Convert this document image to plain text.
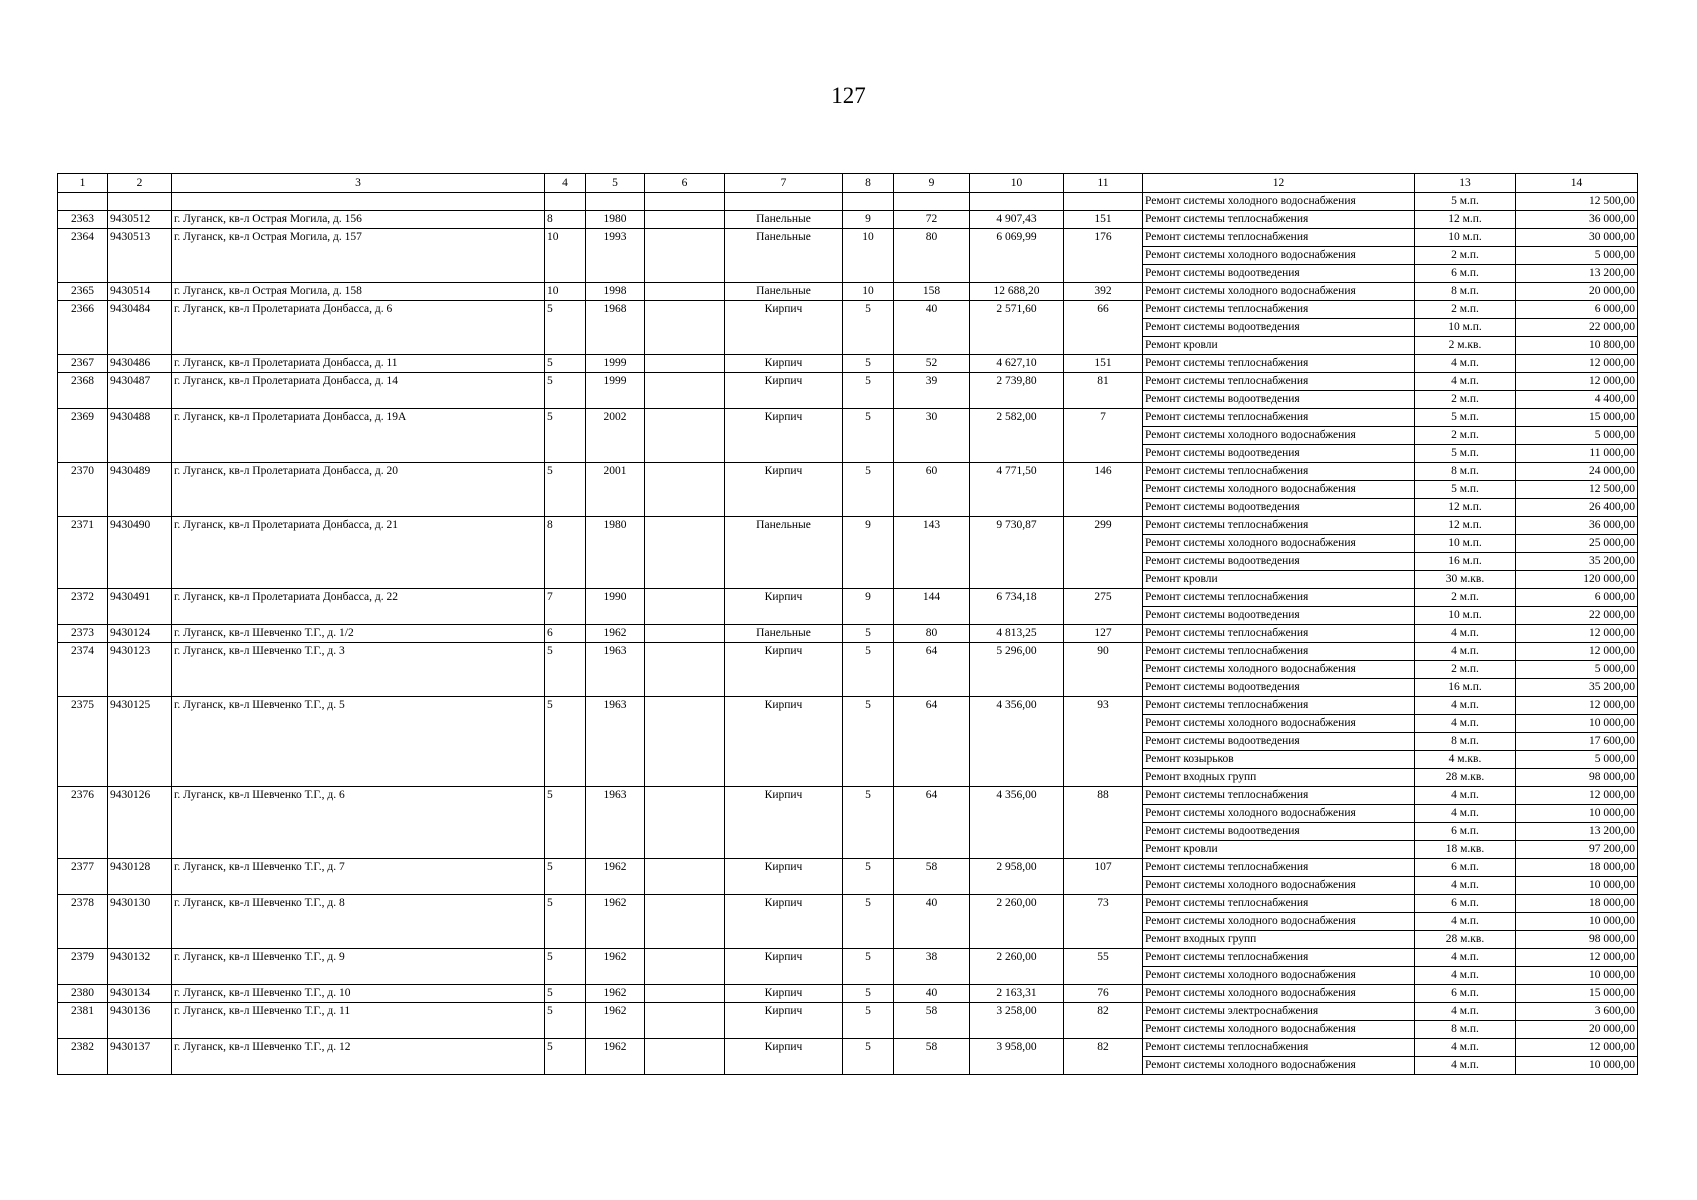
127
1	2	3	4	5	6	7	8	9	10	11	12	13	14
											Ремонт системы холодного водоснабжения	5 м.п.	12 500,00
2363	9430512	г. Луганск, кв-л Острая Могила, д. 156	8	1980		Панельные	9	72	4 907,43	151	Ремонт системы теплоснабжения	12 м.п.	36 000,00
2364	9430513	г. Луганск, кв-л Острая Могила, д. 157	10	1993		Панельные	10	80	6 069,99	176	Ремонт системы теплоснабжения	10 м.п.	30 000,00
											Ремонт системы холодного водоснабжения	2 м.п.	5 000,00
											Ремонт системы водоотведения	6 м.п.	13 200,00
2365	9430514	г. Луганск, кв-л Острая Могила, д. 158	10	1998		Панельные	10	158	12 688,20	392	Ремонт системы холодного водоснабжения	8 м.п.	20 000,00
2366	9430484	г. Луганск, кв-л Пролетариата Донбасса, д. 6	5	1968		Кирпич	5	40	2 571,60	66	Ремонт системы теплоснабжения	2 м.п.	6 000,00
											Ремонт системы водоотведения	10 м.п.	22 000,00
											Ремонт кровли	2 м.кв.	10 800,00
2367	9430486	г. Луганск, кв-л Пролетариата Донбасса, д. 11	5	1999		Кирпич	5	52	4 627,10	151	Ремонт системы теплоснабжения	4 м.п.	12 000,00
2368	9430487	г. Луганск, кв-л Пролетариата Донбасса, д. 14	5	1999		Кирпич	5	39	2 739,80	81	Ремонт системы теплоснабжения	4 м.п.	12 000,00
											Ремонт системы водоотведения	2 м.п.	4 400,00
2369	9430488	г. Луганск, кв-л Пролетариата Донбасса, д. 19А	5	2002		Кирпич	5	30	2 582,00	7	Ремонт системы теплоснабжения	5 м.п.	15 000,00
											Ремонт системы холодного водоснабжения	2 м.п.	5 000,00
											Ремонт системы водоотведения	5 м.п.	11 000,00
2370	9430489	г. Луганск, кв-л Пролетариата Донбасса, д. 20	5	2001		Кирпич	5	60	4 771,50	146	Ремонт системы теплоснабжения	8 м.п.	24 000,00
											Ремонт системы холодного водоснабжения	5 м.п.	12 500,00
											Ремонт системы водоотведения	12 м.п.	26 400,00
2371	9430490	г. Луганск, кв-л Пролетариата Донбасса, д. 21	8	1980		Панельные	9	143	9 730,87	299	Ремонт системы теплоснабжения	12 м.п.	36 000,00
											Ремонт системы холодного водоснабжения	10 м.п.	25 000,00
											Ремонт системы водоотведения	16 м.п.	35 200,00
											Ремонт кровли	30 м.кв.	120 000,00
2372	9430491	г. Луганск, кв-л Пролетариата Донбасса, д. 22	7	1990		Кирпич	9	144	6 734,18	275	Ремонт системы теплоснабжения	2 м.п.	6 000,00
											Ремонт системы водоотведения	10 м.п.	22 000,00
2373	9430124	г. Луганск, кв-л Шевченко Т.Г., д. 1/2	6	1962		Панельные	5	80	4 813,25	127	Ремонт системы теплоснабжения	4 м.п.	12 000,00
2374	9430123	г. Луганск, кв-л Шевченко Т.Г., д. 3	5	1963		Кирпич	5	64	5 296,00	90	Ремонт системы теплоснабжения	4 м.п.	12 000,00
											Ремонт системы холодного водоснабжения	2 м.п.	5 000,00
											Ремонт системы водоотведения	16 м.п.	35 200,00
2375	9430125	г. Луганск, кв-л Шевченко Т.Г., д. 5	5	1963		Кирпич	5	64	4 356,00	93	Ремонт системы теплоснабжения	4 м.п.	12 000,00
											Ремонт системы холодного водоснабжения	4 м.п.	10 000,00
											Ремонт системы водоотведения	8 м.п.	17 600,00
											Ремонт козырьков	4 м.кв.	5 000,00
											Ремонт входных групп	28 м.кв.	98 000,00
2376	9430126	г. Луганск, кв-л Шевченко Т.Г., д. 6	5	1963		Кирпич	5	64	4 356,00	88	Ремонт системы теплоснабжения	4 м.п.	12 000,00
											Ремонт системы холодного водоснабжения	4 м.п.	10 000,00
											Ремонт системы водоотведения	6 м.п.	13 200,00
											Ремонт кровли	18 м.кв.	97 200,00
2377	9430128	г. Луганск, кв-л Шевченко Т.Г., д. 7	5	1962		Кирпич	5	58	2 958,00	107	Ремонт системы теплоснабжения	6 м.п.	18 000,00
											Ремонт системы холодного водоснабжения	4 м.п.	10 000,00
2378	9430130	г. Луганск, кв-л Шевченко Т.Г., д. 8	5	1962		Кирпич	5	40	2 260,00	73	Ремонт системы теплоснабжения	6 м.п.	18 000,00
											Ремонт системы холодного водоснабжения	4 м.п.	10 000,00
											Ремонт входных групп	28 м.кв.	98 000,00
2379	9430132	г. Луганск, кв-л Шевченко Т.Г., д. 9	5	1962		Кирпич	5	38	2 260,00	55	Ремонт системы теплоснабжения	4 м.п.	12 000,00
											Ремонт системы холодного водоснабжения	4 м.п.	10 000,00
2380	9430134	г. Луганск, кв-л Шевченко Т.Г., д. 10	5	1962		Кирпич	5	40	2 163,31	76	Ремонт системы холодного водоснабжения	6 м.п.	15 000,00
2381	9430136	г. Луганск, кв-л Шевченко Т.Г., д. 11	5	1962		Кирпич	5	58	3 258,00	82	Ремонт системы электроснабжения	4 м.п.	3 600,00
											Ремонт системы холодного водоснабжения	8 м.п.	20 000,00
2382	9430137	г. Луганск, кв-л Шевченко Т.Г., д. 12	5	1962		Кирпич	5	58	3 958,00	82	Ремонт системы теплоснабжения	4 м.п.	12 000,00
											Ремонт системы холодного водоснабжения	4 м.п.	10 000,00
